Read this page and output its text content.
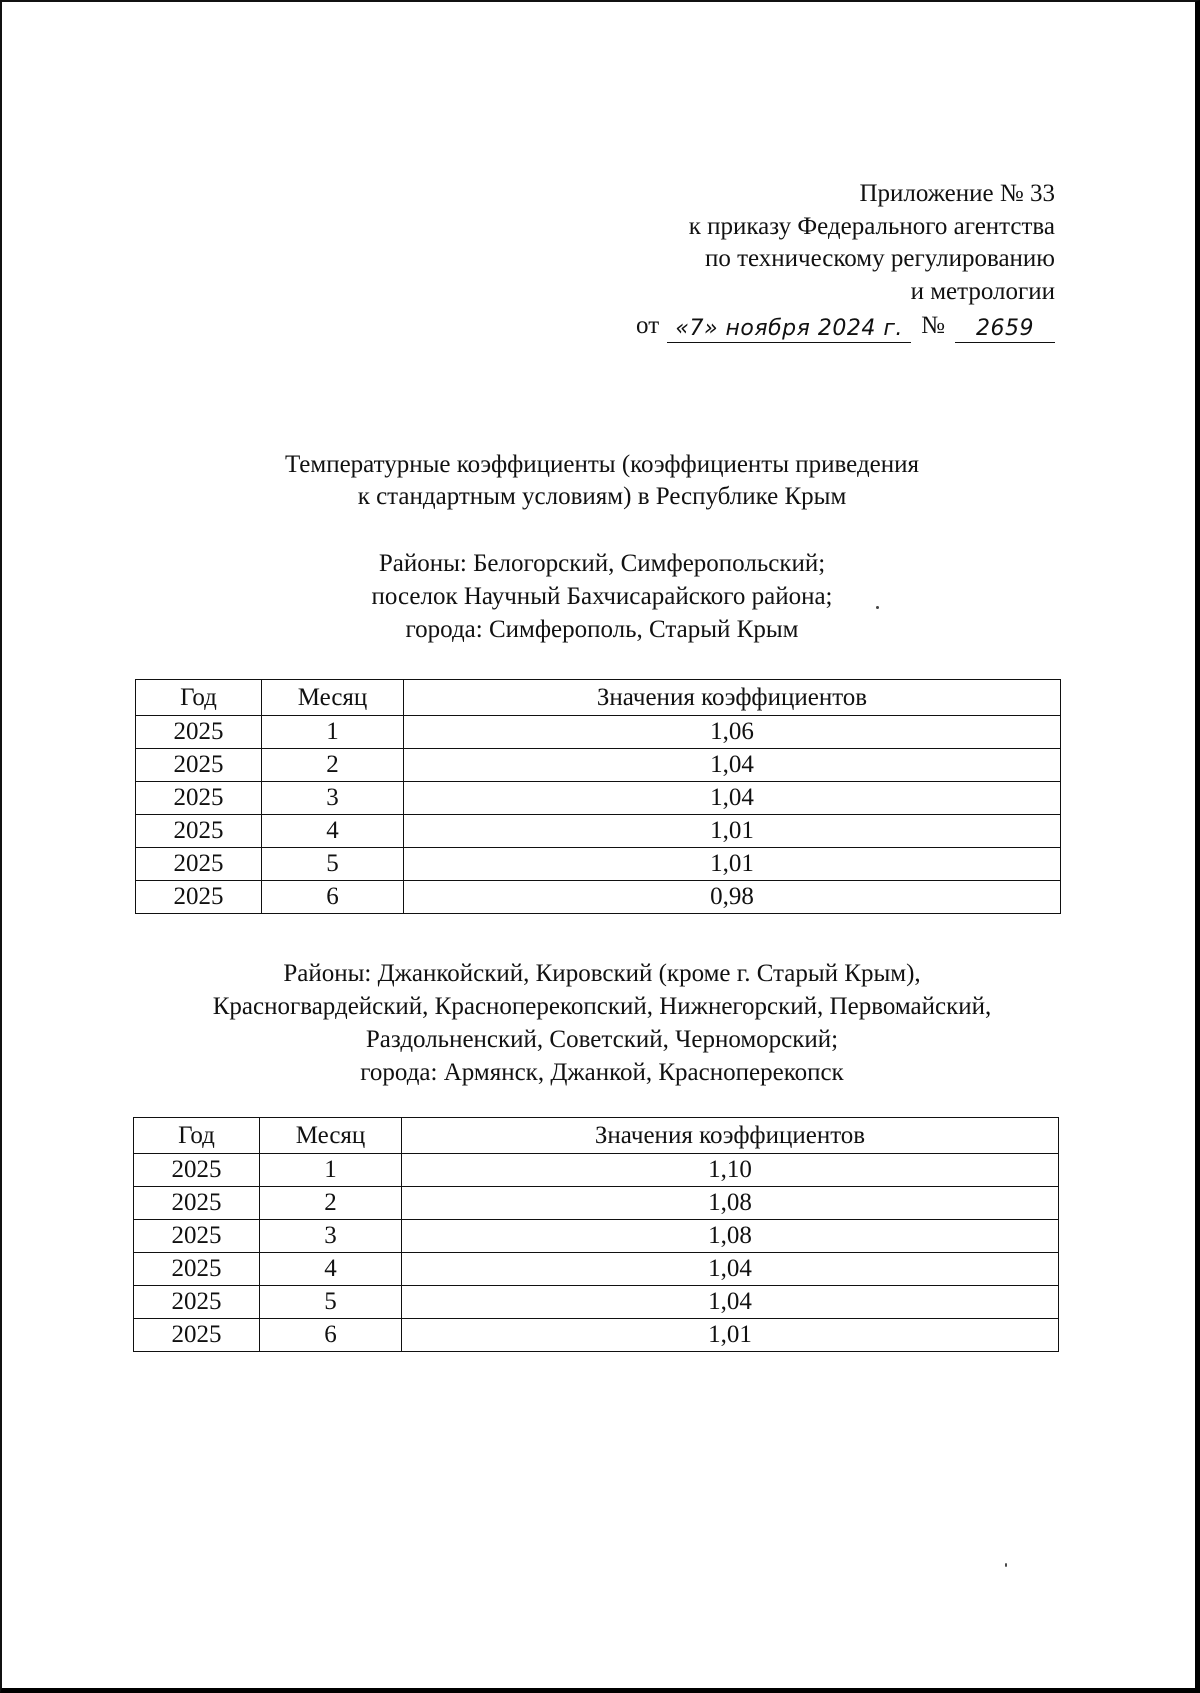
Приложение № 33
к приказу Федерального агентства
по техническому регулированию
и метрологии
от «7» ноября 2024 г. №	2659
Температурные коэффициенты (коэффициенты приведения
к стандартным условиям) в Республике Крым
Районы: Белогорский, Симферопольский;
поселок Научный Бахчисарайского района;
города: Симферополь, Старый Крым
Год	Месяц	Значения коэффициентов
2025	1	1,06
2025	2	1,04
2025	3	1,04
2025	4	1,01
2025	5	1,01
2025	6	0,98
Районы: Джанкойский, Кировский (кроме г. Старый Крым),
Красногвардейский, Красноперекопский, Нижнегорский, Первомайский,
Раздольненский, Советский, Черноморский;
города: Армянск, Джанкой, Красноперекопск
Год	Месяц	Значения коэффициентов
2025	1	1,10
2025	2	1,08
2025	3	1,08
2025	4	1,04
2025	5	1,04
2025	6	1,01
